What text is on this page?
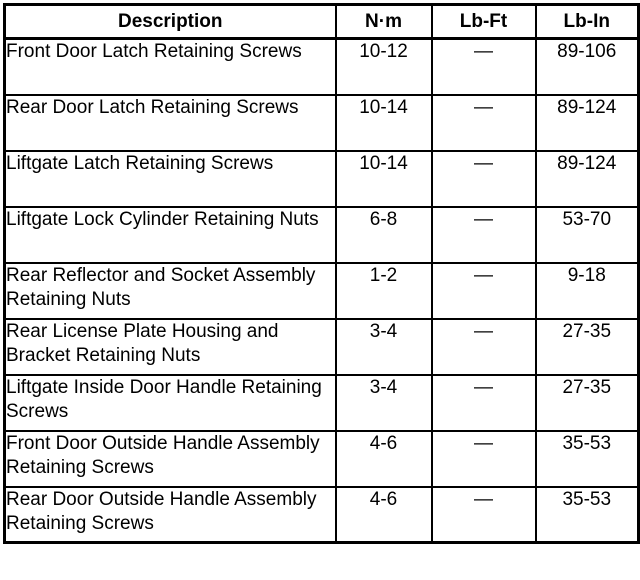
Description	N·m	Lb-Ft	Lb-In
Front Door Latch Retaining Screws	10-12	—	89-106
Rear Door Latch Retaining Screws	10-14	—	89-124
Liftgate Latch Retaining Screws	10-14	—	89-124
Liftgate Lock Cylinder Retaining Nuts	6-8	—	53-70
Rear Reflector and Socket Assembly Retaining Nuts	1-2	—	9-18
Rear License Plate Housing and Bracket Retaining Nuts	3-4	—	27-35
Liftgate Inside Door Handle Retaining Screws	3-4	—	27-35
Front Door Outside Handle Assembly Retaining Screws	4-6	—	35-53
Rear Door Outside Handle Assembly Retaining Screws	4-6	—	35-53
